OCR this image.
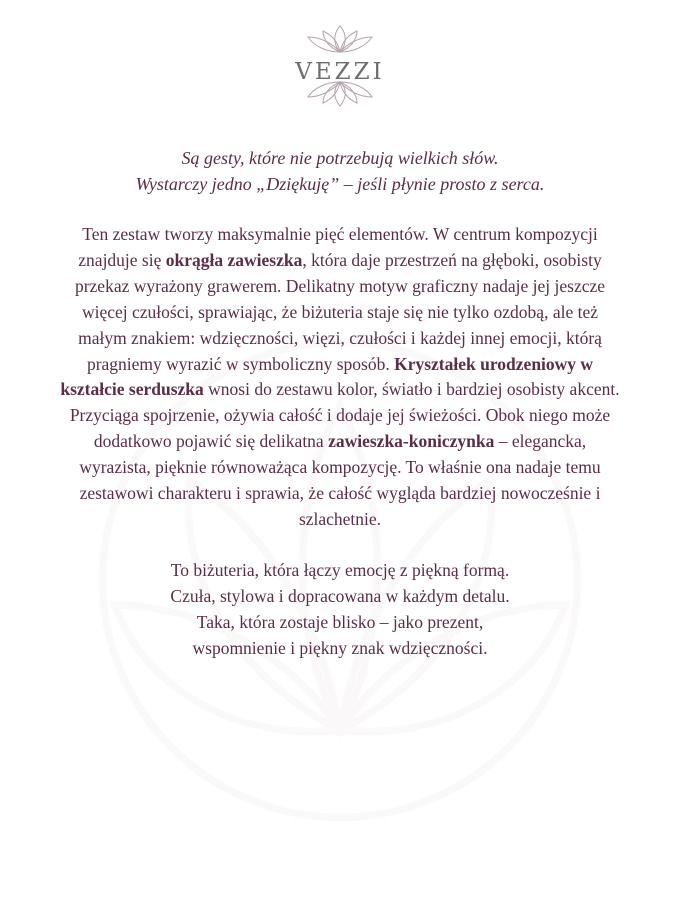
VEZZI

Są gesty, które nie potrzebują wielkich słów.
Wystarczy jedno „Dziękuję” – jeśli płynie prosto z serca.

Ten zestaw tworzy maksymalnie pięć elementów. W centrum kompozycji znajduje się okrągła zawieszka, która daje przestrzeń na głęboki, osobisty przekaz wyrażony grawerem. Delikatny motyw graficzny nadaje jej jeszcze więcej czułości, sprawiając, że biżuteria staje się nie tylko ozdobą, ale też małym znakiem: wdzięczności, więzi, czułości i każdej innej emocji, którą pragniemy wyrazić w symboliczny sposób. Kryształek urodzeniowy w kształcie serduszka wnosi do zestawu kolor, światło i bardziej osobisty akcent. Przyciąga spojrzenie, ożywia całość i dodaje jej świeżości. Obok niego może dodatkowo pojawić się delikatna zawieszka-koniczynka – elegancka, wyrazista, pięknie równoważąca kompozycję. To właśnie ona nadaje temu zestawowi charakteru i sprawia, że całość wygląda bardziej nowocześnie i szlachetnie.

To biżuteria, która łączy emocję z piękną formą.
Czuła, stylowa i dopracowana w każdym detalu.
Taka, która zostaje blisko – jako prezent,
wspomnienie i piękny znak wdzięczności.
